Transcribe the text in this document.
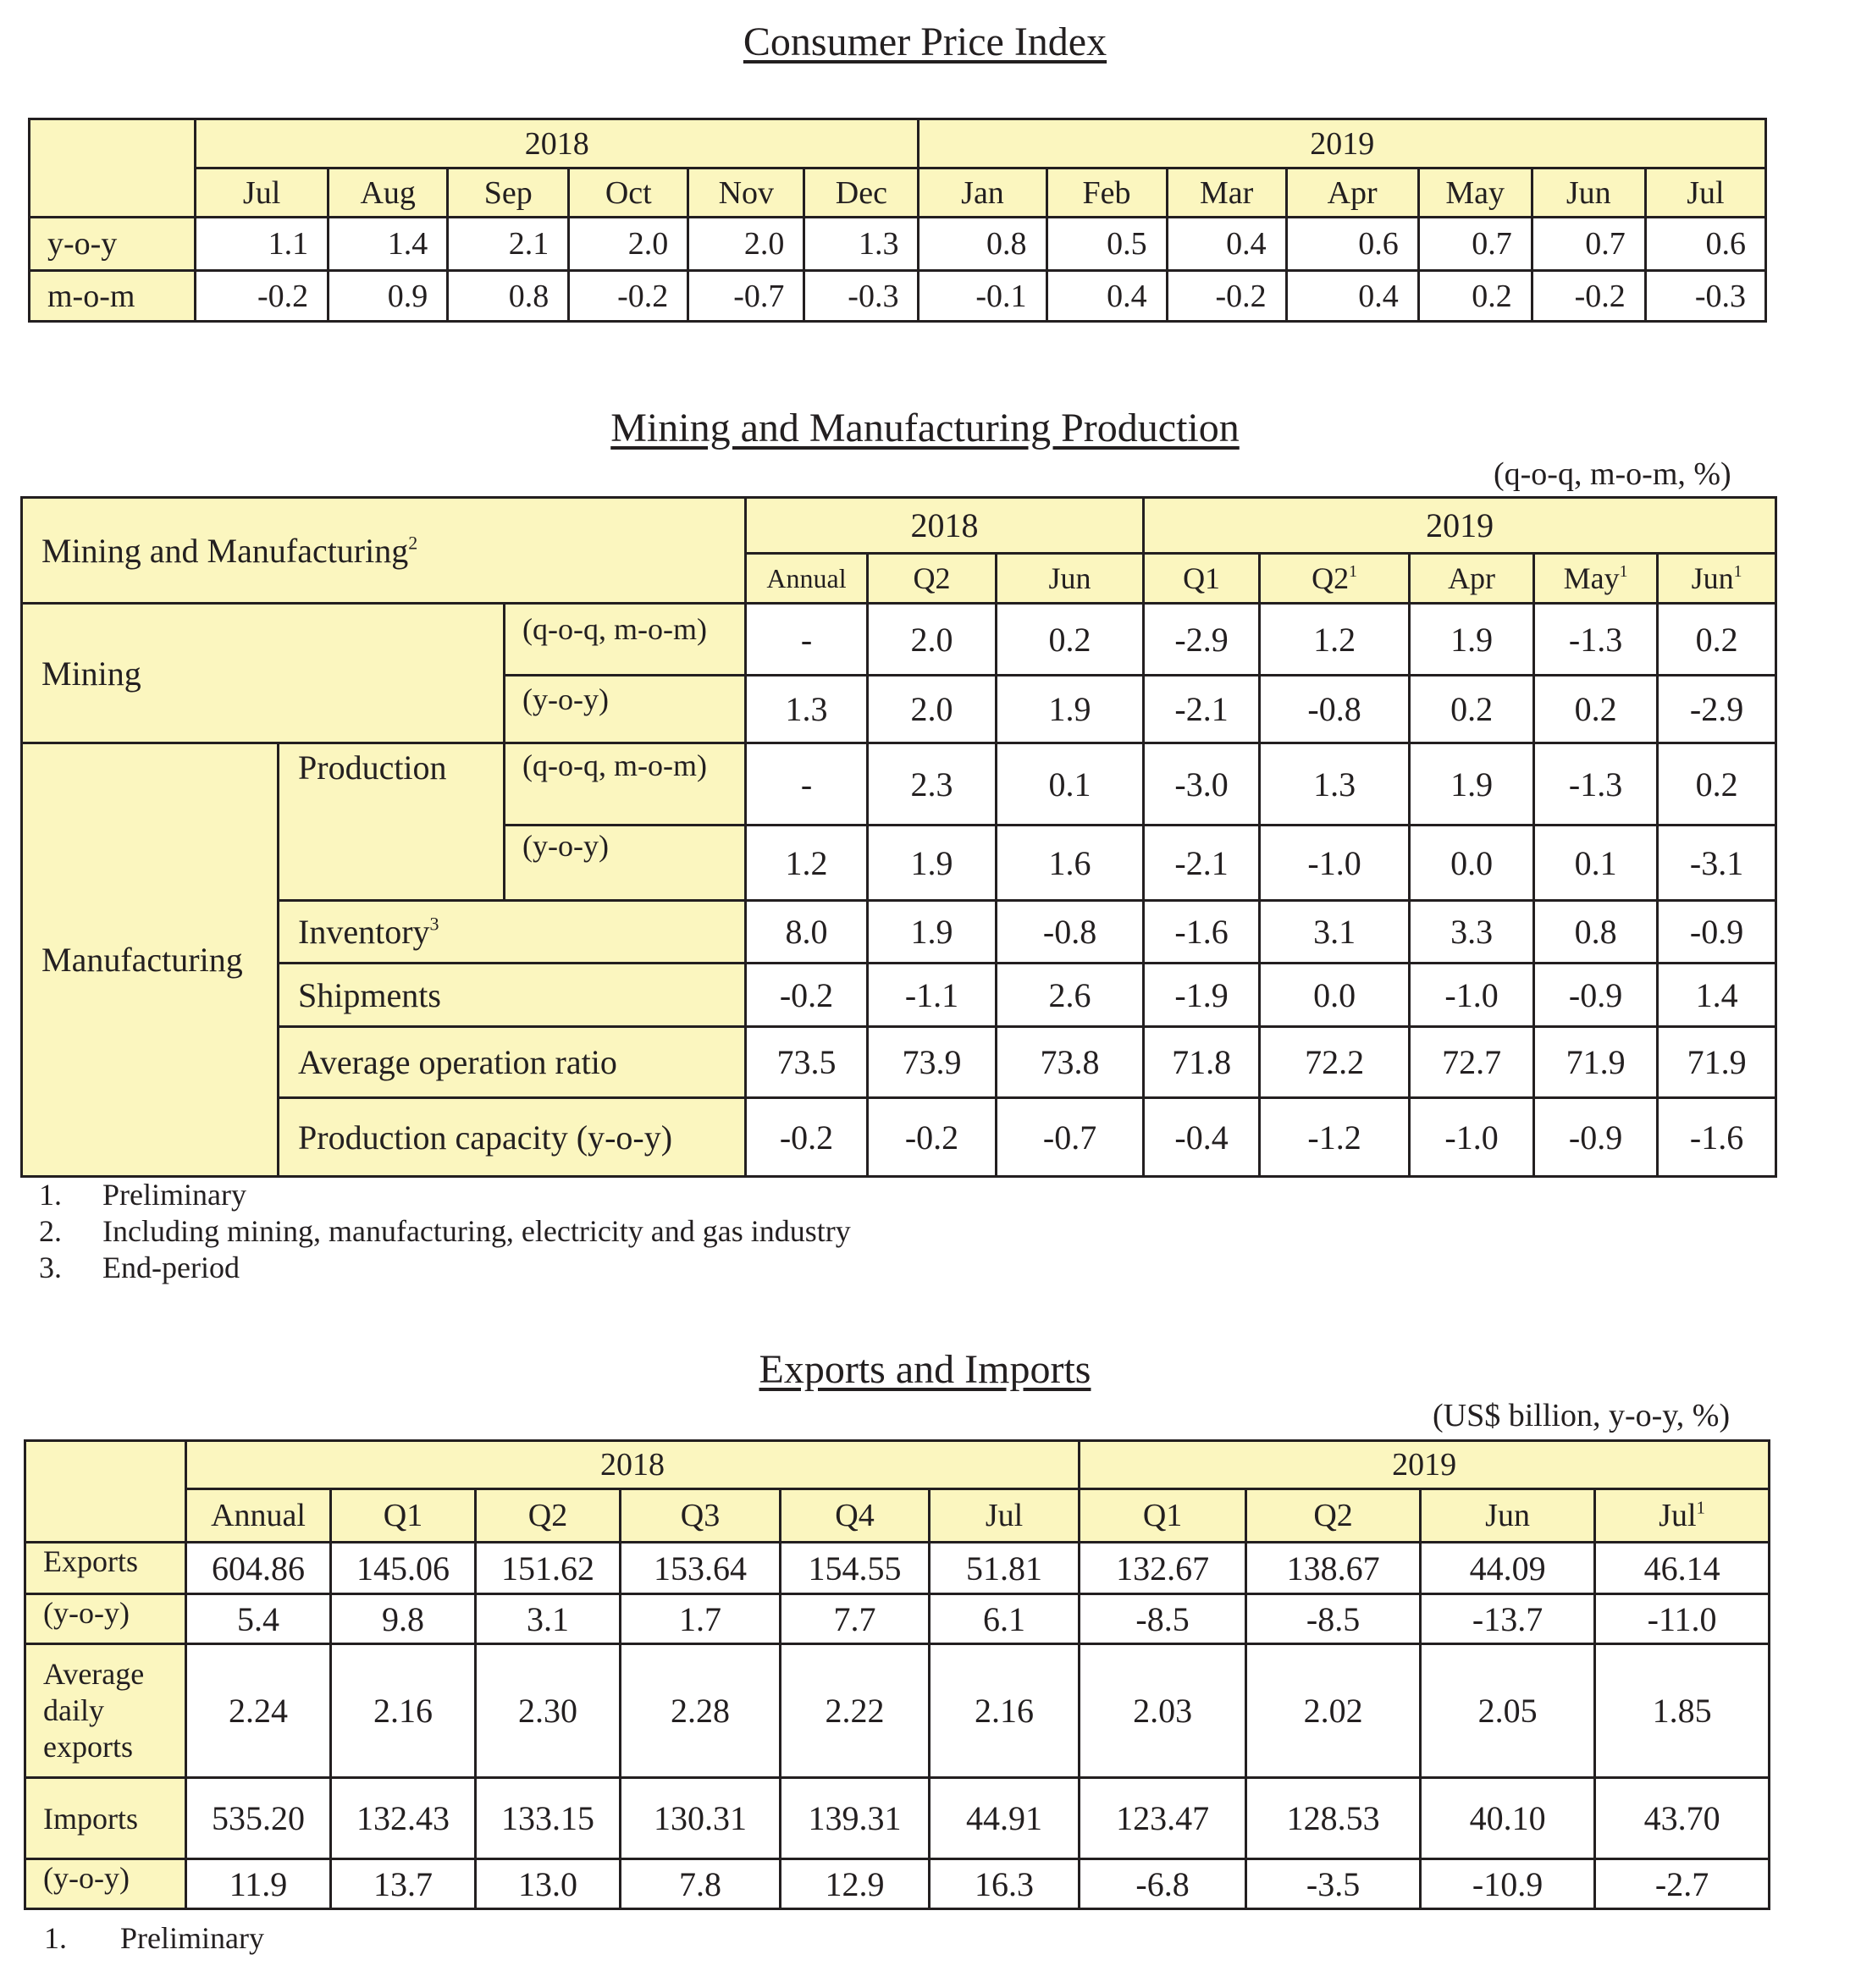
Consumer Price Index
	2018						2019						
	Jul	Aug	Sep	Oct	Nov	Dec	Jan	Feb	Mar	Apr	May	Jun	Jul
y-o-y	1.1	1.4	2.1	2.0	2.0	1.3	0.8	0.5	0.4	0.6	0.7	0.7	0.6
m-o-m	-0.2	0.9	0.8	-0.2	-0.7	-0.3	-0.1	0.4	-0.2	0.4	0.2	-0.2	-0.3
Mining and Manufacturing Production
(q-o-q, m-o-m, %)
Mining and Manufacturing$^2$			2018			2019				
			Annual	Q2	Jun	Q1	$Q2^1$	Apr	May$^1$	Jun$^1$
Mining		(q-o-q, m-o-m)	-	2.0	0.2	-2.9	1.2	1.9	-1.3	0.2
		(y-o-y)	1.3	2.0	1.9	-2.1	-0.8	0.2	0.2	-2.9
Manufacturing	Production	(q-o-q, m-o-m)	-	2.3	0.1	-3.0	1.3	1.9	-1.3	0.2
		(y-o-y)	1.2	1.9	1.6	-2.1	-1.0	0.0	0.1	-3.1
	Inventory$^3$		8.0	1.9	-0.8	-1.6	3.1	3.3	0.8	-0.9
	Shipments		-0.2	-1.1	2.6	-1.9	0.0	-1.0	-0.9	1.4
	Average operation ratio		73.5	73.9	73.8	71.8	72.2	72.7	71.9	71.9
	Production capacity (y-o-y)		-0.2	-0.2	-0.7	-0.4	-1.2	-1.0	-0.9	-1.6
1. Preliminary
2. Including mining, manufacturing, electricity and gas industry
3. End-period
Exports and Imports
(US$ billion, y-o-y, %)
	2018						2019			
	Annual	Q1	Q2	Q3	Q4	Jul	Q1	Q2	Jun	Jul$^1$
Exports	604.86	145.06	151.62	153.64	154.55	51.81	132.67	138.67	44.09	46.14
(y-o-y)	5.4	9.8	3.1	1.7	7.7	6.1	-8.5	-8.5	-13.7	-11.0

Average
daily
exports	2.24	2.16	2.30	2.28	2.22	2.16	2.03	2.02	2.05	1.85
Imports	535.20	132.43	133.15	130.31	139.31	44.91	123.47	128.53	40.10	43.70
(y-o-y)	11.9	13.7	13.0	7.8	12.9	16.3	-6.8	-3.5	-10.9	-2.7
1. Preliminary
